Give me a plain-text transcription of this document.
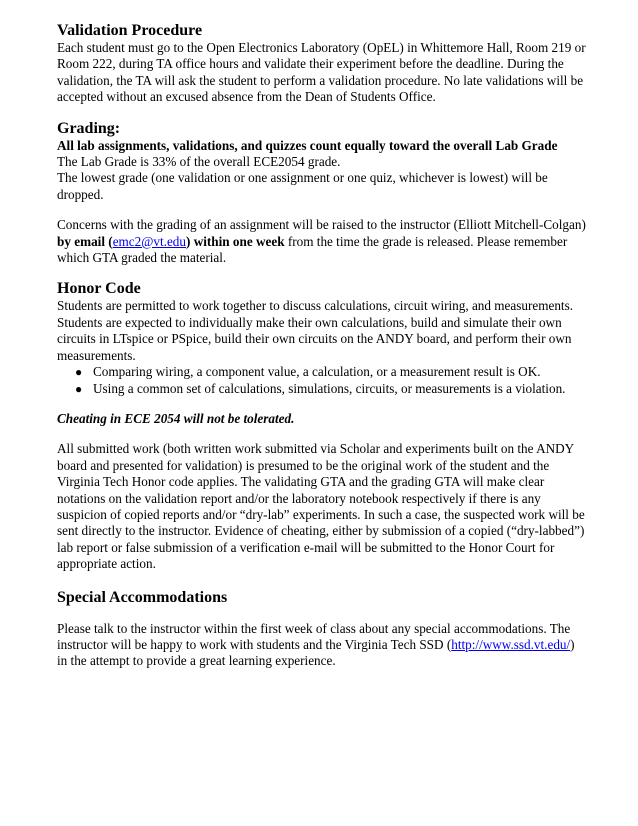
Validation Procedure

Each student must go to the Open Electronics Laboratory (OpEL) in Whittemore Hall, Room 219 or Room 222, during TA office hours and validate their experiment before the deadline. During the validation, the TA will ask the student to perform a validation procedure. No late validations will be accepted without an excused absence from the Dean of Students Office.

Grading:

All lab assignments, validations, and quizzes count equally toward the overall Lab Grade

The Lab Grade is 33% of the overall ECE2054 grade.

The lowest grade (one validation or one assignment or one quiz, whichever is lowest) will be dropped.

Concerns with the grading of an assignment will be raised to the instructor (Elliott Mitchell-Colgan) by email (emc2@vt.edu) within one week from the time the grade is released. Please remember which GTA graded the material.

Honor Code

Students are permitted to work together to discuss calculations, circuit wiring, and measurements. Students are expected to individually make their own calculations, build and simulate their own circuits in LTspice or PSpice, build their own circuits on the ANDY board, and perform their own measurements.

● Comparing wiring, a component value, a calculation, or a measurement result is OK.
● Using a common set of calculations, simulations, circuits, or measurements is a violation.

Cheating in ECE 2054 will not be tolerated.

All submitted work (both written work submitted via Scholar and experiments built on the ANDY board and presented for validation) is presumed to be the original work of the student and the Virginia Tech Honor code applies. The validating GTA and the grading GTA will make clear notations on the validation report and/or the laboratory notebook respectively if there is any suspicion of copied reports and/or “dry-lab” experiments. In such a case, the suspected work will be sent directly to the instructor. Evidence of cheating, either by submission of a copied (“dry-labbed”) lab report or false submission of a verification e-mail will be submitted to the Honor Court for appropriate action.

Special Accommodations

Please talk to the instructor within the first week of class about any special accommodations. The instructor will be happy to work with students and the Virginia Tech SSD (http://www.ssd.vt.edu/) in the attempt to provide a great learning experience.
